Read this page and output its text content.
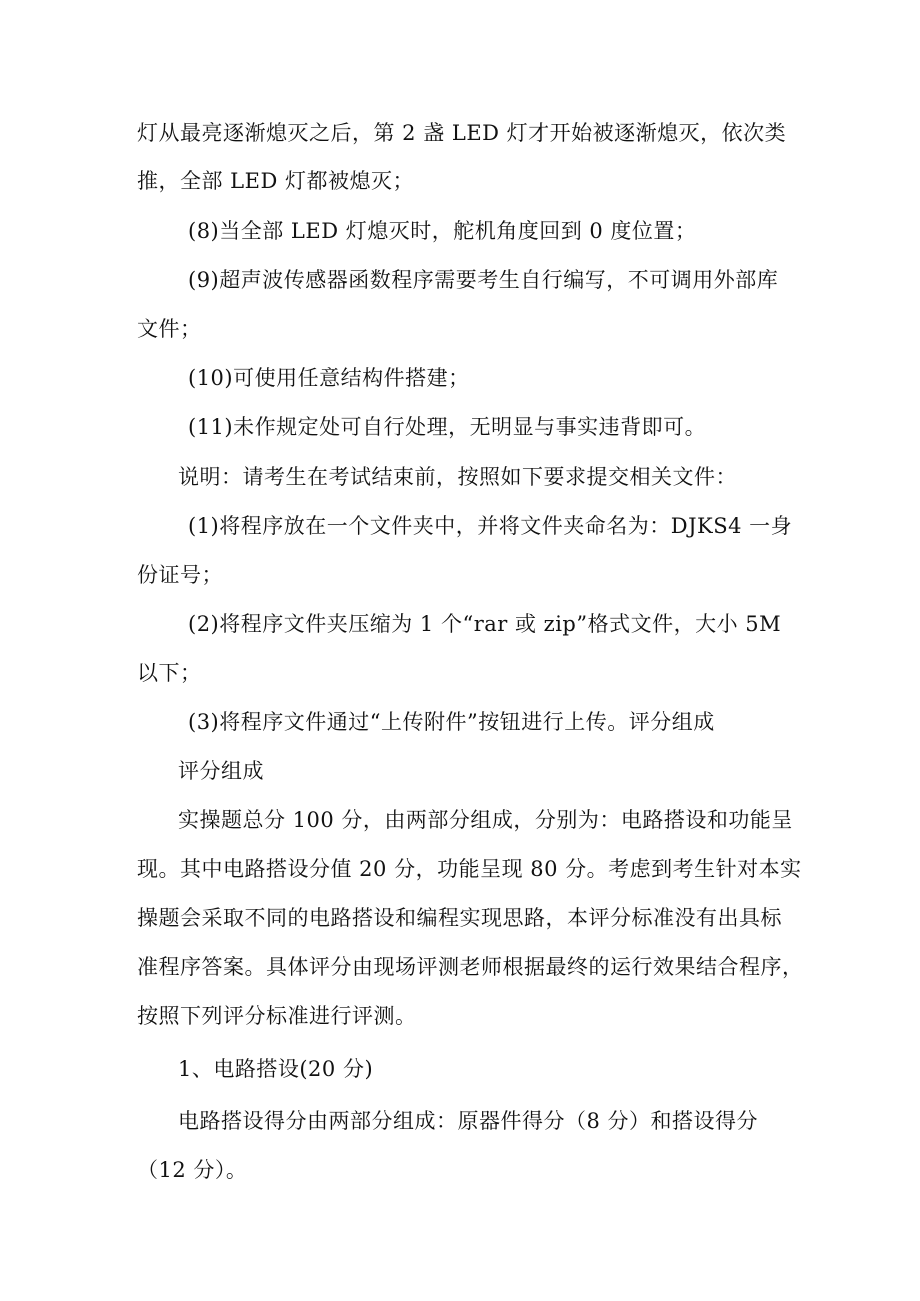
灯从最亮逐渐熄灭之后，第 2 盏 LED 灯才开始被逐渐熄灭，依次类
推，全部 LED 灯都被熄灭；
(8)当全部 LED 灯熄灭时，舵机角度回到 0 度位置；
(9)超声波传感器函数程序需要考生自行编写，不可调用外部库
文件；
(10)可使用任意结构件搭建；
(11)未作规定处可自行处理，无明显与事实违背即可。
说明：请考生在考试结束前，按照如下要求提交相关文件：
(1)将程序放在一个文件夹中，并将文件夹命名为：DJKS4 一身
份证号；
(2)将程序文件夹压缩为 1 个“rar 或 zip”格式文件，大小 5M
以下；
(3)将程序文件通过“上传附件”按钮进行上传。评分组成
评分组成
实操题总分 100 分，由两部分组成，分别为：电路搭设和功能呈
现。其中电路搭设分值 20 分，功能呈现 80 分。考虑到考生针对本实
操题会采取不同的电路搭设和编程实现思路，本评分标准没有出具标
准程序答案。具体评分由现场评测老师根据最终的运行效果结合程序，
按照下列评分标准进行评测。
1、电路搭设(20 分)
电路搭设得分由两部分组成：原器件得分（8 分）和搭设得分
（12 分）。
